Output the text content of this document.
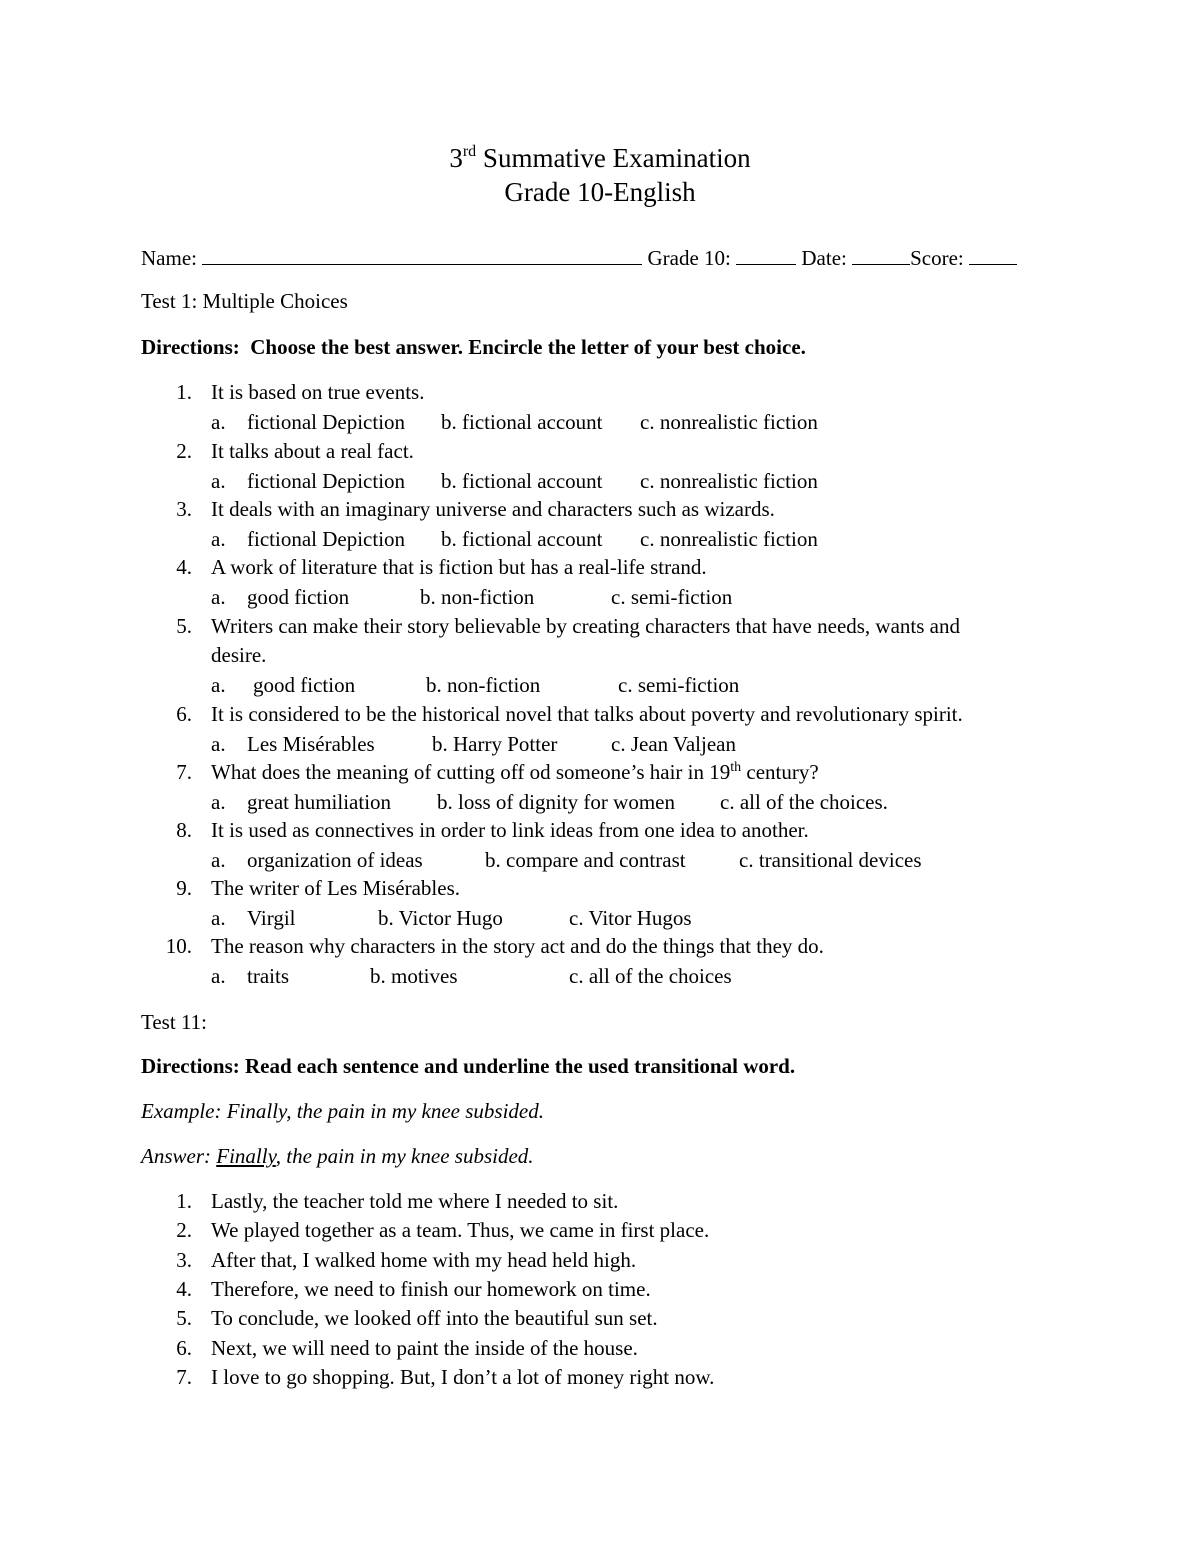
3rd Summative Examination
Grade 10-English
Name:	Grade 10:	Date:	Score:
Test 1: Multiple Choices
Directions: Choose the best answer. Encircle the letter of your best choice.
1. It is based on true events.
a. fictional Depiction b. fictional account c. nonrealistic fiction
2. It talks about a real fact.
a. fictional Depiction b. fictional account c. nonrealistic fiction
3. It deals with an imaginary universe and characters such as wizards.
a. fictional Depiction b. fictional account c. nonrealistic fiction
4. A work of literature that is fiction but has a real-life strand.
a. good fiction	b. non-fiction	c. semi-fiction
5. Writers can make their story believable by creating characters that have needs, wants and
desire.
a. good fiction	b. non-fiction	c. semi-fiction
6. It is considered to be the historical novel that talks about poverty and revolutionary spirit.
a. Les Misérables	b. Harry Potter	c. Jean Valjean
7. What does the meaning of cutting off od someone’s hair in 19th century?
a. great humiliation b. loss of dignity for women c. all of the choices.
8. It is used as connectives in order to link ideas from one idea to another.
a. organization of ideas	b. compare and contrast	c. transitional devices
9. The writer of Les Misérables.
a. Virgil	b. Victor Hugo	c. Vitor Hugos
10. The reason why characters in the story act and do the things that they do.
a. traits	b. motives	c. all of the choices
Test 11:
Directions: Read each sentence and underline the used transitional word.
Example: Finally, the pain in my knee subsided.
Answer: Finally, the pain in my knee subsided.
1. Lastly, the teacher told me where I needed to sit.
2. We played together as a team. Thus, we came in first place.
3. After that, I walked home with my head held high.
4. Therefore, we need to finish our homework on time.
5. To conclude, we looked off into the beautiful sun set.
6. Next, we will need to paint the inside of the house.
7. I love to go shopping. But, I don’t a lot of money right now.
